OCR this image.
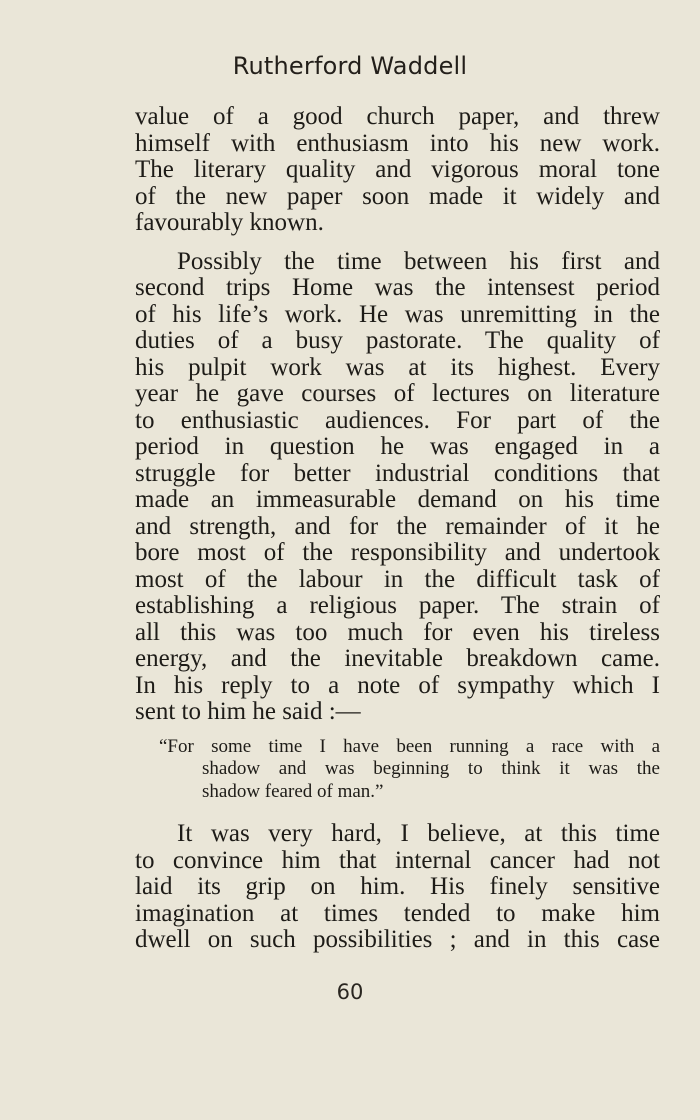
Rutherford Waddell
value of a good church paper, and threw
himself with enthusiasm into his new work.
The literary quality and vigorous moral tone
of the new paper soon made it widely and
favourably known.
Possibly the time between his first and
second trips Home was the intensest period
of his life’s work. He was unremitting in the
duties of a busy pastorate. The quality of
his pulpit work was at its highest. Every
year he gave courses of lectures on literature
to enthusiastic audiences. For part of the
period in question he was engaged in a
struggle for better industrial conditions that
made an immeasurable demand on his time
and strength, and for the remainder of it he
bore most of the responsibility and undertook
most of the labour in the difficult task of
establishing a religious paper. The strain of
all this was too much for even his tireless
energy, and the inevitable breakdown came.
In his reply to a note of sympathy which I
sent to him he said :—
“For some time I have been running a race with a
shadow and was beginning to think it was the
shadow feared of man.”
It was very hard, I believe, at this time
to convince him that internal cancer had not
laid its grip on him. His finely sensitive
imagination at times tended to make him
dwell on such possibilities ; and in this case
60
